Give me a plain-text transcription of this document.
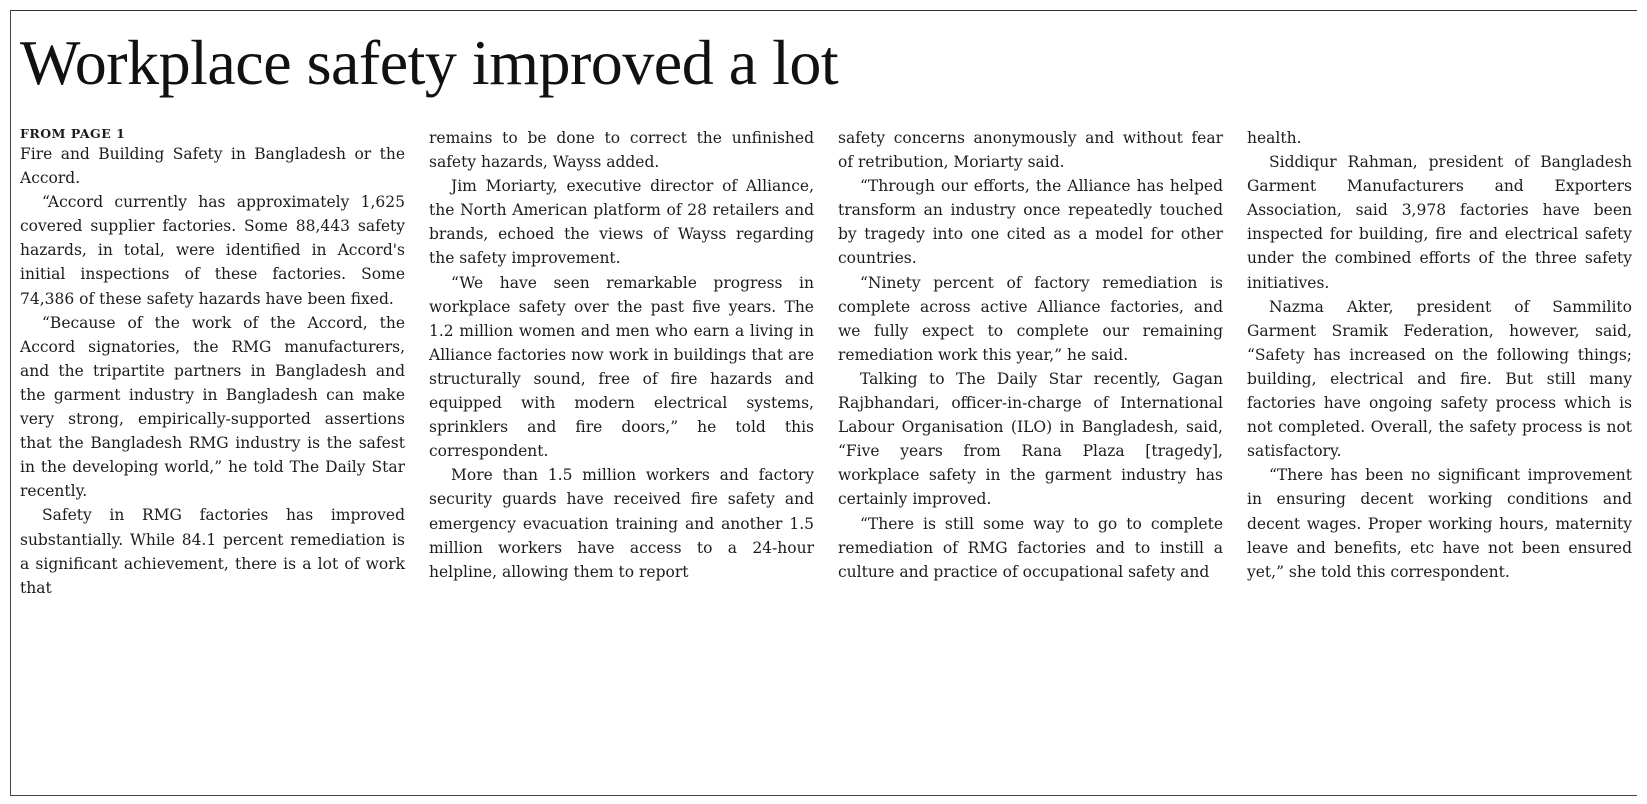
Workplace safety improved a lot
FROM PAGE 1

Fire and Building Safety in Bangladesh or the Accord.

“Accord currently has approximately 1,625 covered supplier factories. Some 88,443 safety hazards, in total, were identified in Accord's initial inspections of these factories. Some 74,386 of these safety hazards have been fixed.

“Because of the work of the Accord, the Accord signatories, the RMG manufacturers, and the tripartite partners in Bangladesh and the garment industry in Bangladesh can make very strong, empirically-supported assertions that the Bangladesh RMG industry is the safest in the developing world,” he told The Daily Star recently.

Safety in RMG factories has improved substantially. While 84.1 percent remediation is a significant achievement, there is a lot of work that

remains to be done to correct the unfinished safety hazards, Wayss added.

Jim Moriarty, executive director of Alliance, the North American platform of 28 retailers and brands, echoed the views of Wayss regarding the safety improvement.

“We have seen remarkable progress in workplace safety over the past five years. The 1.2 million women and men who earn a living in Alliance factories now work in buildings that are structurally sound, free of fire hazards and equipped with modern electrical systems, sprinklers and fire doors,” he told this correspondent.

More than 1.5 million workers and factory security guards have received fire safety and emergency evacuation training and another 1.5 million workers have access to a 24-hour helpline, allowing them to report

safety concerns anonymously and without fear of retribution, Moriarty said.

“Through our efforts, the Alliance has helped transform an industry once repeatedly touched by tragedy into one cited as a model for other countries.

“Ninety percent of factory remediation is complete across active Alliance factories, and we fully expect to complete our remaining remediation work this year,” he said.

Talking to The Daily Star recently, Gagan Rajbhandari, officer-in-charge of International Labour Organisation (ILO) in Bangladesh, said, “Five years from Rana Plaza [tragedy], workplace safety in the garment industry has certainly improved.

“There is still some way to go to complete remediation of RMG factories and to instill a culture and practice of occupational safety and

health.

Siddiqur Rahman, president of Bangladesh Garment Manufacturers and Exporters Association, said 3,978 factories have been inspected for building, fire and electrical safety under the combined efforts of the three safety initiatives.

Nazma Akter, president of Sammilito Garment Sramik Federation, however, said, “Safety has increased on the following things; building, electrical and fire. But still many factories have ongoing safety process which is not completed. Overall, the safety process is not satisfactory.

“There has been no significant improvement in ensuring decent working conditions and decent wages. Proper working hours, maternity leave and benefits, etc have not been ensured yet,” she told this correspondent.
